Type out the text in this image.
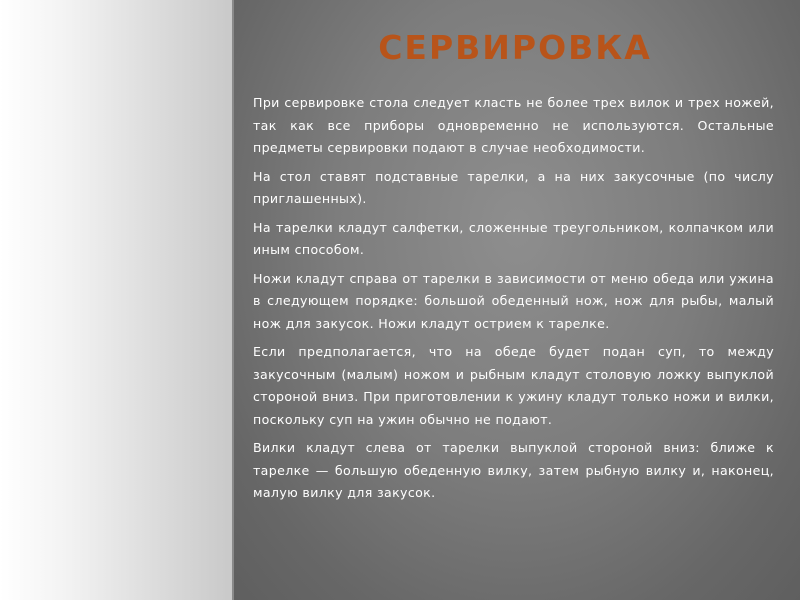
СЕРВИРОВКА

При сервировке стола следует класть не более трех вилок и трех ножей, так как все приборы одновременно не используются. Остальные предметы сервировки подают в случае необходимости.

На стол ставят подставные тарелки, а на них закусочные (по числу приглашенных).

На тарелки кладут салфетки, сложенные треугольником, колпачком или иным способом.

Ножи кладут справа от тарелки в зависимости от меню обеда или ужина в следующем порядке: большой обеденный нож, нож для рыбы, малый нож для закусок. Ножи кладут острием к тарелке.

Если предполагается, что на обеде будет подан суп, то между закусочным (малым) ножом и рыбным кладут столовую ложку выпуклой стороной вниз. При приготовлении к ужину кладут только ножи и вилки, поскольку суп на ужин обычно не подают.

Вилки кладут слева от тарелки выпуклой стороной вниз: ближе к тарелке — большую обеденную вилку, затем рыбную вилку и, наконец, малую вилку для закусок.
